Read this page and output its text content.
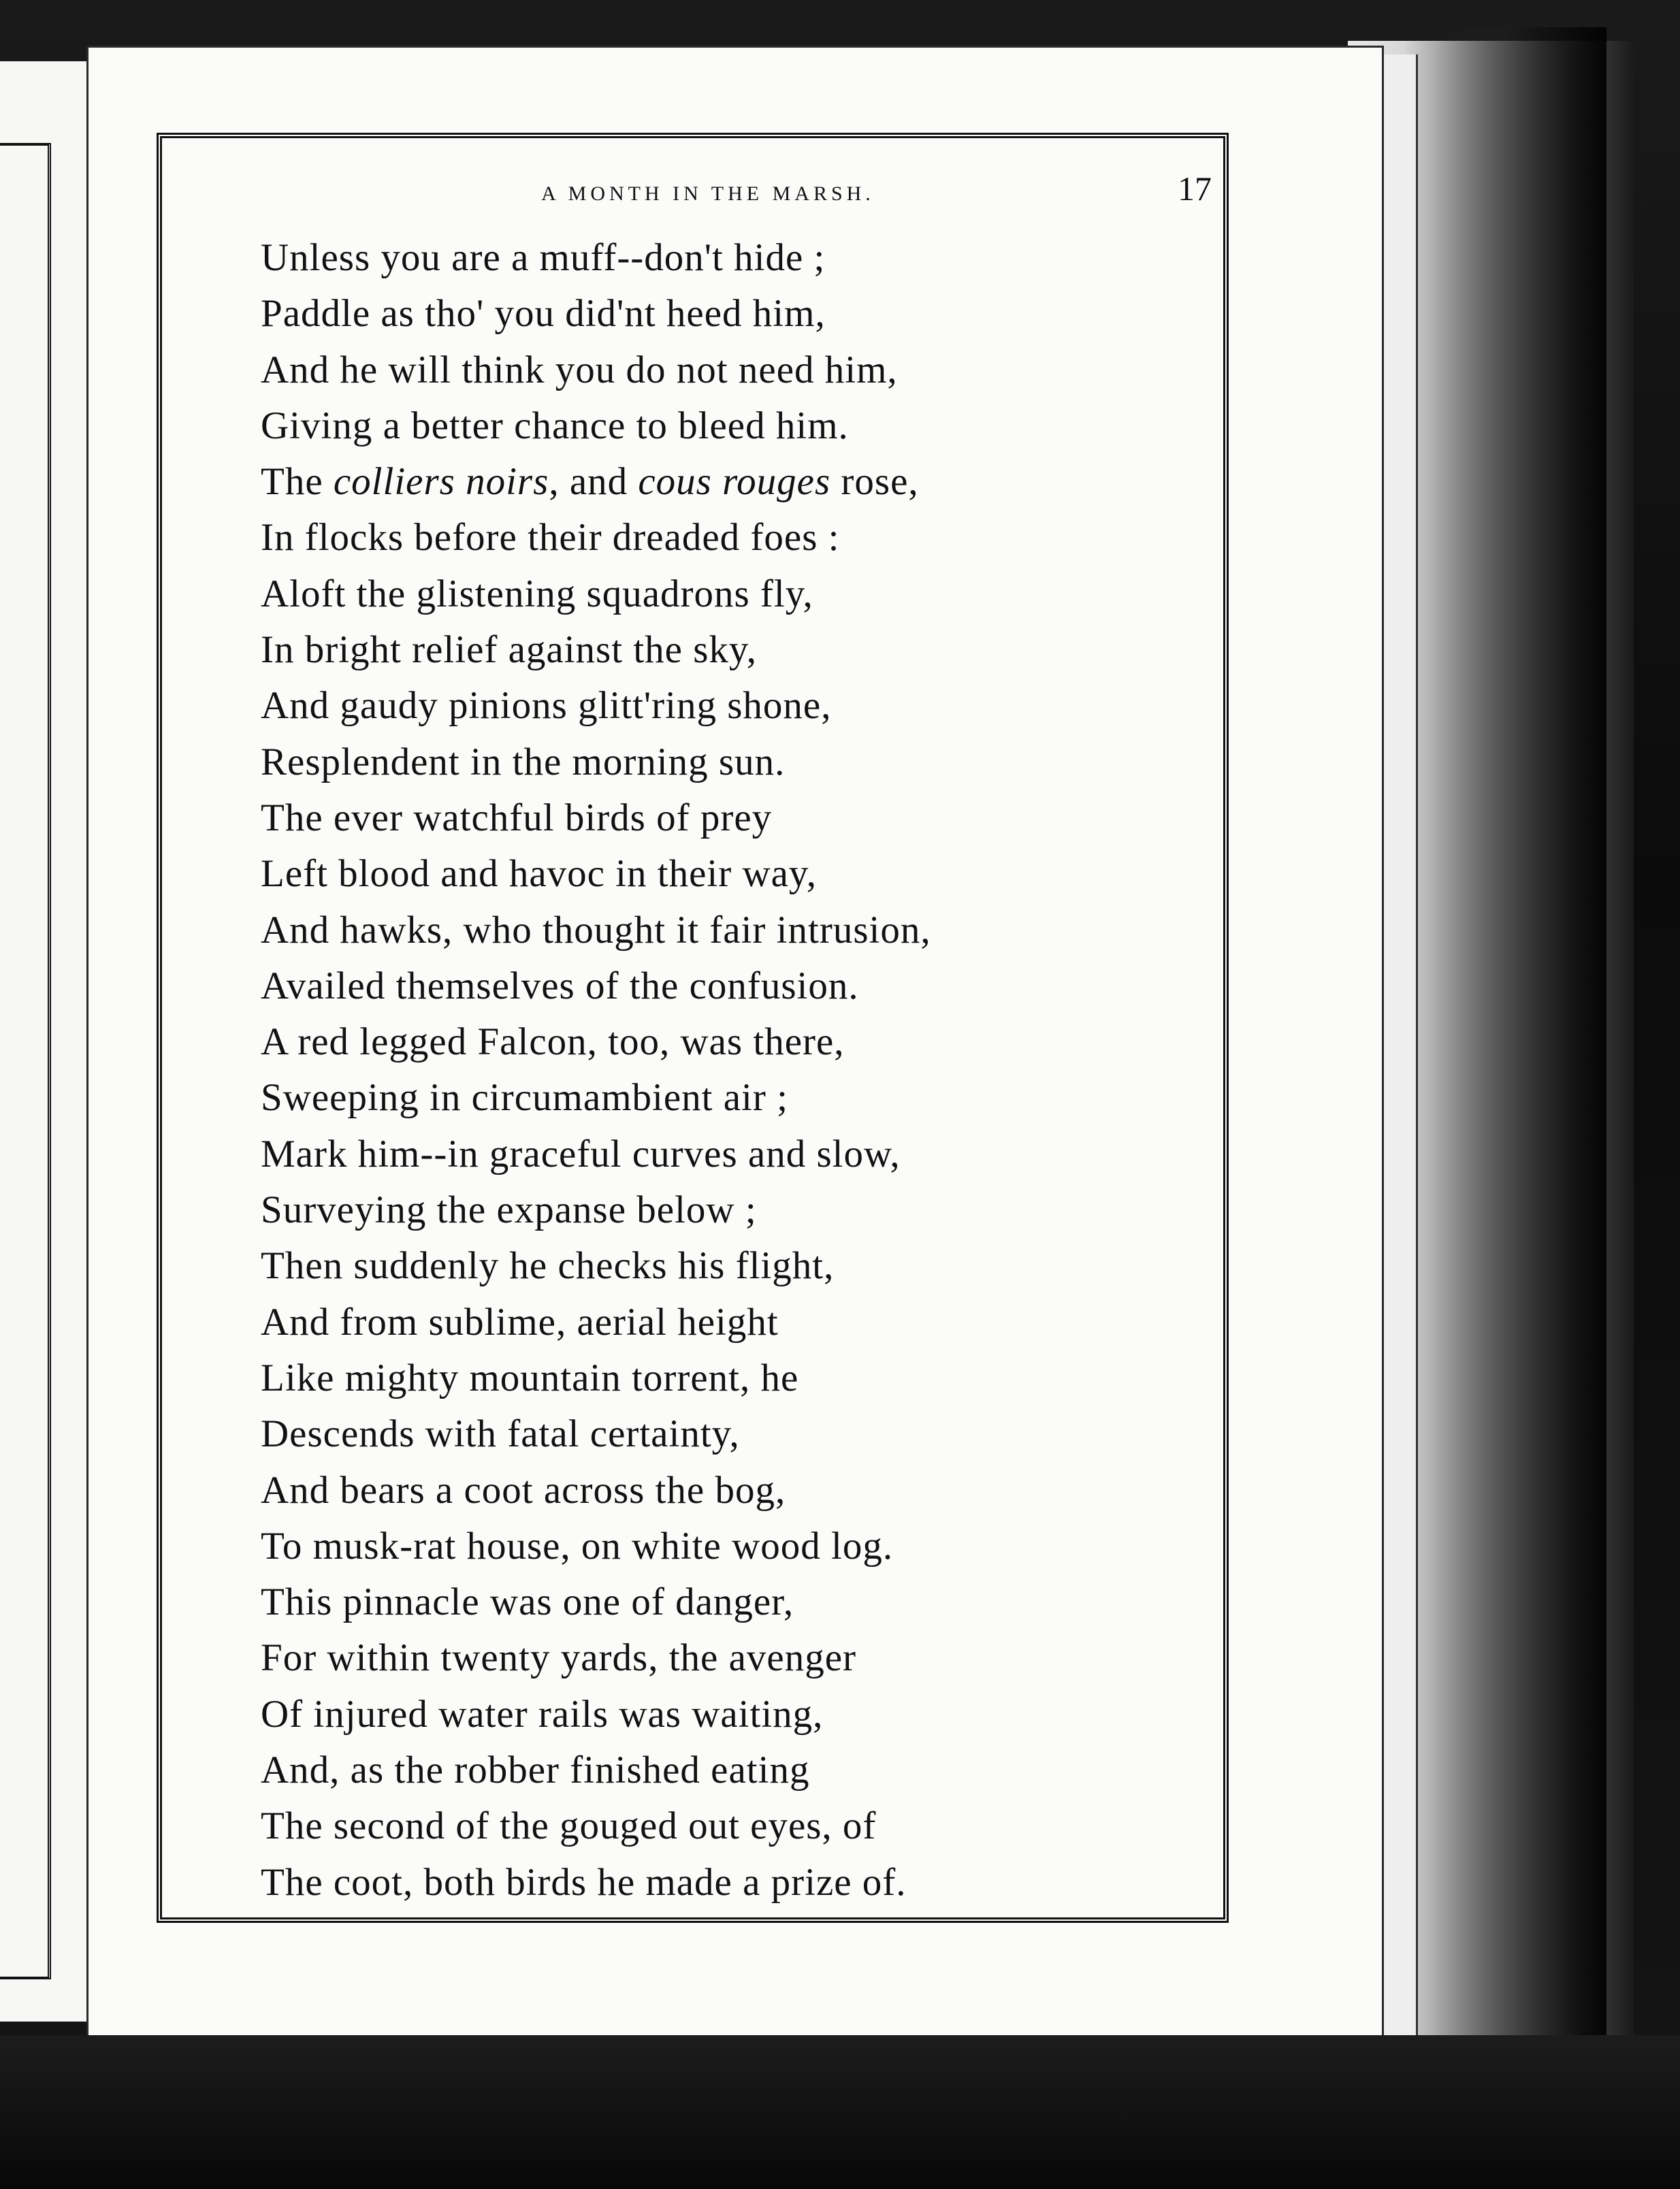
A MONTH IN THE MARSH.	17
Unless you are a muff--don't hide ;
Paddle as tho' you did'nt heed him,
And he will think you do not need him,
Giving a better chance to bleed him.
The colliers noirs, and cous rouges rose,
In flocks before their dreaded foes :
Aloft the glistening squadrons fly,
In bright relief against the sky,
And gaudy pinions glitt'ring shone,
Resplendent in the morning sun.
The ever watchful birds of prey
Left blood and havoc in their way,
And hawks, who thought it fair intrusion,
Availed themselves of the confusion.
A red legged Falcon, too, was there,
Sweeping in circumambient air ;
Mark him--in graceful curves and slow,
Surveying the expanse below ;
Then suddenly he checks his flight,
And from sublime, aerial height
Like mighty mountain torrent, he
Descends with fatal certainty,
And bears a coot across the bog,
To musk-rat house, on white wood log.
This pinnacle was one of danger,
For within twenty yards, the avenger
Of injured water rails was waiting,
And, as the robber finished eating
The second of the gouged out eyes, of
The coot, both birds he made a prize of.
